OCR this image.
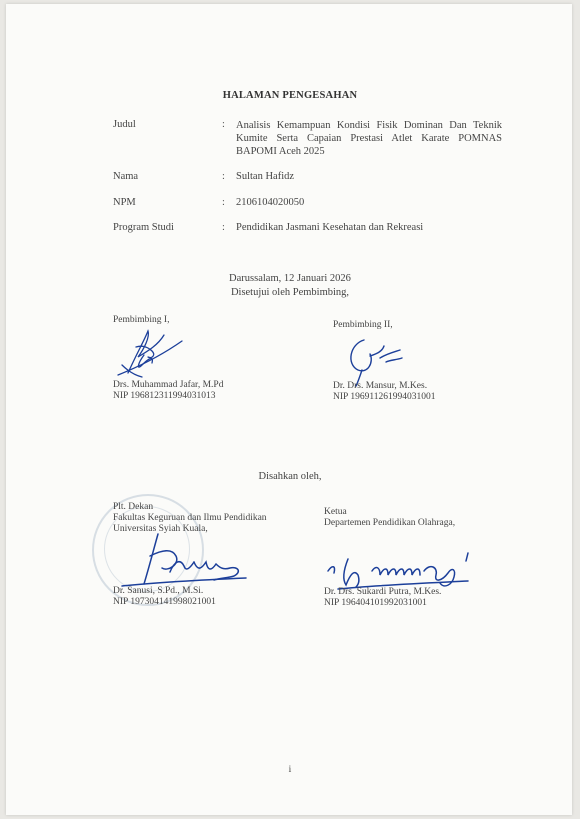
HALAMAN PENGESAHAN
Judul	: Analisis Kemampuan Kondisi Fisik Dominan Dan Teknik Kumite Serta Capaian Prestasi Atlet Karate POMNAS BAPOMI Aceh 2025
Nama	: Sultan Hafidz
NPM	: 2106104020050
Program Studi	: Pendidikan Jasmani Kesehatan dan Rekreasi
Darussalam, 12 Januari 2026
Disetujui oleh Pembimbing,
Pembimbing I,
Drs. Muhammad Jafar, M.Pd
NIP 196812311994031013
Pembimbing II,
Dr. Drs. Mansur, M.Kes.
NIP 196911261994031001
Disahkan oleh,
Plt. Dekan
Fakultas Keguruan dan Ilmu Pendidikan
Universitas Syiah Kuala,
Dr. Sanusi, S.Pd., M.Si.
NIP 197304141998021001
Ketua
Departemen Pendidikan Olahraga,
Dr. Drs. Sukardi Putra, M.Kes.
NIP 196404101992031001
i
